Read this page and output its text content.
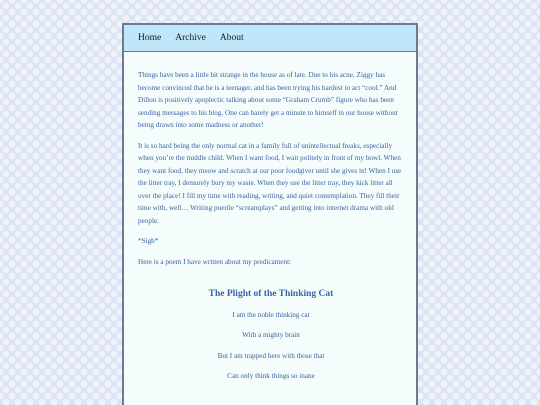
Home Archive About

Things have been a little bit strange in the house as of late. Due to his acne, Ziggy has become convinced that he is a teenager, and has been trying his hardest to act “cool.” And Dillon is positively apoplectic talking about some “Graham Crumb” figure who has been sending messages to his blog. One can barely get a minute to himself in our house without being drawn into some madness or another!

It is so hard being the only normal cat in a family full of unintellectual freaks, especially when you’re the middle child. When I want food, I wait politely in front of my bowl. When they want food, they meow and scratch at our poor foodgiver until she gives in! When I use the litter tray, I demurely bury my waste. When they use the litter tray, they kick litter all over the place! I fill my time with reading, writing, and quiet contemplation. They fill their time with, well… Writing puerile “screamplays” and getting into internet drama with old people.

*Sigh*

Here is a poem I have written about my predicament:

The Plight of the Thinking Cat

I am the noble thinking cat

With a mighty brain

But I am trapped here with those that

Can only think things so inane
